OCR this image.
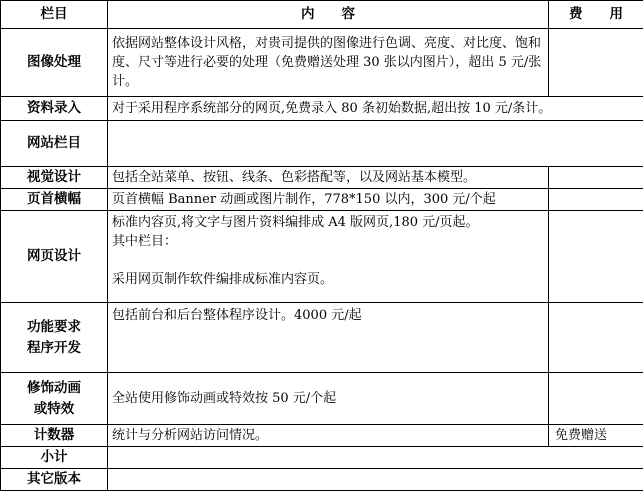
栏目	内　　容	费　　用
图像处理	依据网站整体设计风格，对贵司提供的图像进行色调、亮度、对比度、饱和
度、尺寸等进行必要的处理（免费赠送处理 30 张以内图片），超出 5 元/张
计。	

资料录入	对于采用程序系统部分的网页,免费录入 80 条初始数据,超出按 10 元/条计。	

网站栏目		
视觉设计	包括全站菜单、按钮、线条、色彩搭配等，以及网站基本模型。	

页首横幅	页首横幅 Banner 动画或图片制作，778*150 以内，300 元/个起	

网页设计	标准内容页,将文字与图片资料编排成 A4 版网页,180 元/页起。
其中栏目：
采用网页制作软件编排成标准内容页。	

功能要求
程序开发	包括前台和后台整体程序设计。4000 元/起	

修饰动画
或特效	全站使用修饰动画或特效按 50 元/个起	

计数器	统计与分析网站访问情况。	免费赠送
小计		
其它版本		
